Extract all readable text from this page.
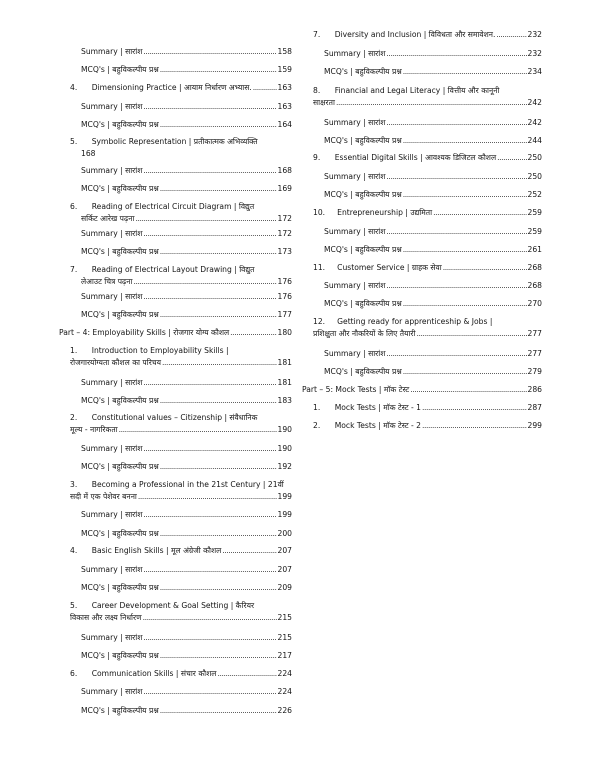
Summary | सारांश .....	158
MCQ's | बहुविकल्पीय प्रश्न .....	159
4.      Dimensioning Practice | आयाम निर्धारण अभ्यास. .....	163
Summary | सारांश .....	163
MCQ's | बहुविकल्पीय प्रश्न .....	164
5.      Symbolic Representation | प्रतीकात्मक अभिव्यक्ति
168
Summary | सारांश .....	168
MCQ's | बहुविकल्पीय प्रश्न .....	169
6.      Reading of Electrical Circuit Diagram | विद्युत
सर्किट आरेख पढ़ना .....	172
Summary | सारांश .....	172
MCQ's | बहुविकल्पीय प्रश्न .....	173
7.      Reading of Electrical Layout Drawing | विद्युत
लेआउट चित्र पढ़ना .....	176
Summary | सारांश .....	176
MCQ's | बहुविकल्पीय प्रश्न .....	177
Part – 4: Employability Skills | रोजगार योग्य कौशल .....	180
1.      Introduction to Employability Skills |
रोजगारयोग्यता कौशल का परिचय .....	181
Summary | सारांश .....	181
MCQ's | बहुविकल्पीय प्रश्न .....	183
2.      Constitutional values – Citizenship | संवैधानिक
मूल्य - नागरिकता .....	190
Summary | सारांश .....	190
MCQ's | बहुविकल्पीय प्रश्न .....	192
3.      Becoming a Professional in the 21st Century | 21वीं
सदी में एक पेशेवर बनना .....	199
Summary | सारांश .....	199
MCQ's | बहुविकल्पीय प्रश्न .....	200
4.      Basic English Skills | मूल अंग्रेजी कौशल .....	207
Summary | सारांश .....	207
MCQ's | बहुविकल्पीय प्रश्न .....	209
5.      Career Development & Goal Setting | कैरियर
विकास और लक्ष्य निर्धारण .....	215
Summary | सारांश .....	215
MCQ's | बहुविकल्पीय प्रश्न .....	217
6.      Communication Skills | संचार कौशल .....	224
Summary | सारांश .....	224
MCQ's | बहुविकल्पीय प्रश्न .....	226
7.      Diversity and Inclusion | विविधता और समावेशन. .....	232
Summary | सारांश .....	232
MCQ's | बहुविकल्पीय प्रश्न .....	234
8.      Financial and Legal Literacy | वित्तीय और कानूनी
साक्षरता .....	242
Summary | सारांश .....	242
MCQ's | बहुविकल्पीय प्रश्न .....	244
9.      Essential Digital Skills | आवश्यक डिजिटल कौशल .....	250
Summary | सारांश .....	250
MCQ's | बहुविकल्पीय प्रश्न .....	252
10.     Entrepreneurship | उद्यमिता .....	259
Summary | सारांश .....	259
MCQ's | बहुविकल्पीय प्रश्न .....	261
11.     Customer Service | ग्राहक सेवा .....	268
Summary | सारांश .....	268
MCQ's | बहुविकल्पीय प्रश्न .....	270
12.     Getting ready for apprenticeship & Jobs |
प्रशिक्षुता और नौकरियों के लिए तैयारी .....	277
Summary | सारांश .....	277
MCQ's | बहुविकल्पीय प्रश्न .....	279
Part – 5: Mock Tests | मॉक टेस्ट .....	286
1.      Mock Tests | मॉक टेस्ट - 1 .....	287
2.      Mock Tests | मॉक टेस्ट - 2 .....	299
